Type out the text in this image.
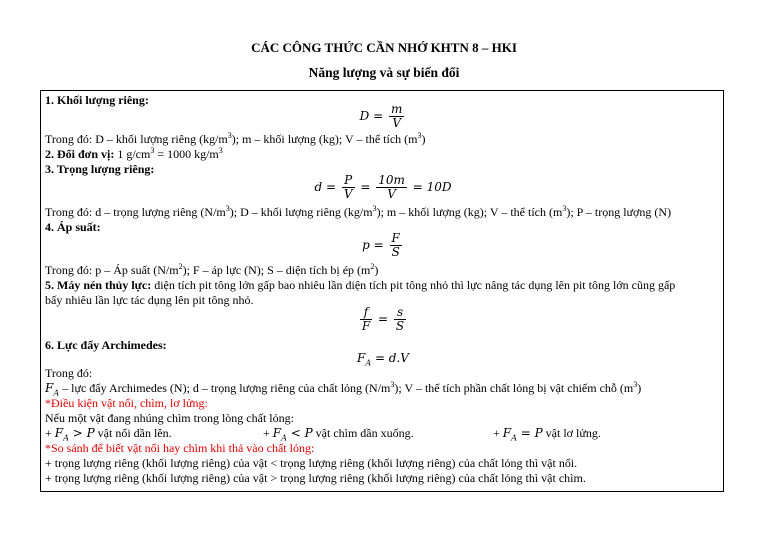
CÁC CÔNG THỨC CẦN NHỚ KHTN 8 – HKI
Năng lượng và sự biến đổi
1. Khối lượng riêng:
$D = \frac{m}{V}$
Trong đó: D – khối lượng riêng $(kg/m^3)$; m – khối lượng (kg); V – thể tích $(m^3)$
2. Đổi đơn vị: 1 $g/cm^3 = 1000$ $kg/m^3$
3. Trọng lượng riêng:
$d = \frac{P}{V} = \frac{10m}{V} = 10D$
Trong đó: d – trọng lượng riêng $(N/m^3)$; D – khối lượng riêng $(kg/m^3)$; m – khối lượng (kg); V – thể tích $(m^3)$; P – trọng lượng (N)
4. Áp suất:
$p = \frac{F}{S}$
Trong đó: p – Áp suất $(N/m^2)$; F – áp lực (N); S – diện tích bị ép $(m^2)$
5. Máy nén thủy lực: diện tích pit tông lớn gấp bao nhiêu lần diện tích pit tông nhỏ thì lực nâng tác dụng lên pit tông lớn cũng gấp
bấy nhiêu lần lực tác dụng lên pit tông nhỏ.
$\frac{f}{F} = \frac{s}{S}$
6. Lực đẩy Archimedes:
$F_A = d.V$
Trong đó:
$F_A$ – lực đẩy Archimedes (N); d – trọng lượng riêng của chất lỏng $(N/m^3)$; V – thể tích phần chất lỏng bị vật chiếm chỗ $(m^3)$
*Điều kiện vật nổi, chìm, lơ lửng:
Nếu một vật đang nhúng chìm trong lòng chất lỏng:
+ $F_A > P$ vật nổi dần lên.	+ $F_A < P$ vật chìm dần xuống.	+ $F_A = P$ vật lơ lửng.
*So sánh để biết vật nổi hay chìm khi thả vào chất lỏng:
+ trọng lượng riêng (khối lượng riêng) của vật < trọng lượng riêng (khối lượng riêng) của chất lỏng thì vật nổi.
+ trọng lượng riêng (khối lượng riêng) của vật > trọng lượng riêng (khối lượng riêng) của chất lỏng thì vật chìm.
